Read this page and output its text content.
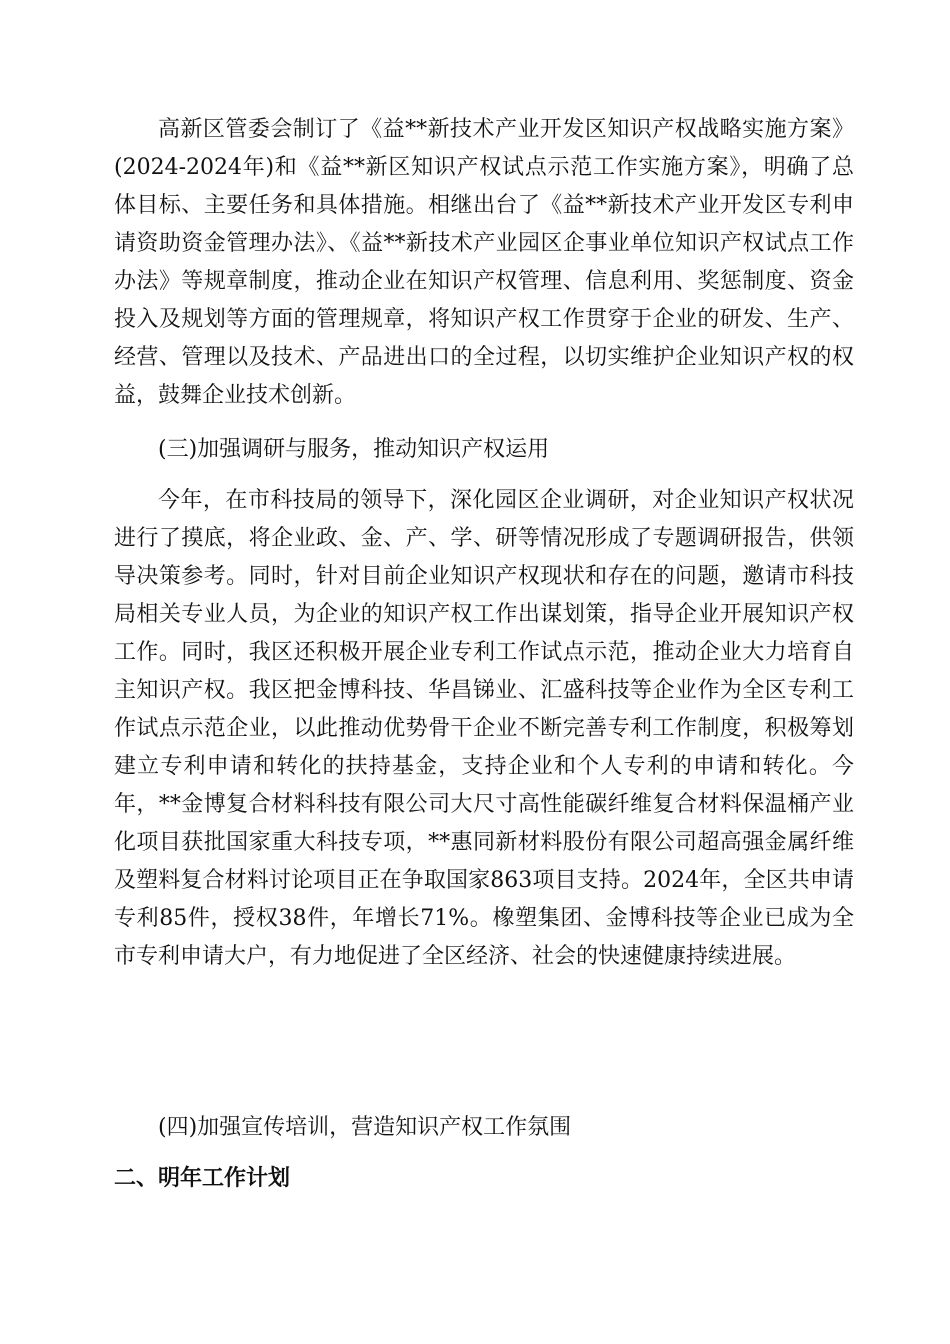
高新区管委会制订了《益**新技术产业开发区知识产权战略实施方案》(2024-2024年)和《益**新区知识产权试点示范工作实施方案》，明确了总体目标、主要任务和具体措施。相继出台了《益**新技术产业开发区专利申请资助资金管理办法》、《益**新技术产业园区企事业单位知识产权试点工作办法》等规章制度，推动企业在知识产权管理、信息利用、奖惩制度、资金投入及规划等方面的管理规章，将知识产权工作贯穿于企业的研发、生产、经营、管理以及技术、产品进出口的全过程，以切实维护企业知识产权的权益，鼓舞企业技术创新。

(三)加强调研与服务，推动知识产权运用

今年，在市科技局的领导下，深化园区企业调研，对企业知识产权状况进行了摸底，将企业政、金、产、学、研等情况形成了专题调研报告，供领导决策参考。同时，针对目前企业知识产权现状和存在的问题，邀请市科技局相关专业人员，为企业的知识产权工作出谋划策，指导企业开展知识产权工作。同时，我区还积极开展企业专利工作试点示范，推动企业大力培育自主知识产权。我区把金博科技、华昌锑业、汇盛科技等企业作为全区专利工作试点示范企业，以此推动优势骨干企业不断完善专利工作制度，积极筹划建立专利申请和转化的扶持基金，支持企业和个人专利的申请和转化。今年，**金博复合材料科技有限公司大尺寸高性能碳纤维复合材料保温桶产业化项目获批国家重大科技专项，**惠同新材料股份有限公司超高强金属纤维及塑料复合材料讨论项目正在争取国家863项目支持。2024年，全区共申请专利85件，授权38件，年增长71%。橡塑集团、金博科技等企业已成为全市专利申请大户，有力地促进了全区经济、社会的快速健康持续进展。

(四)加强宣传培训，营造知识产权工作氛围

二、明年工作计划
